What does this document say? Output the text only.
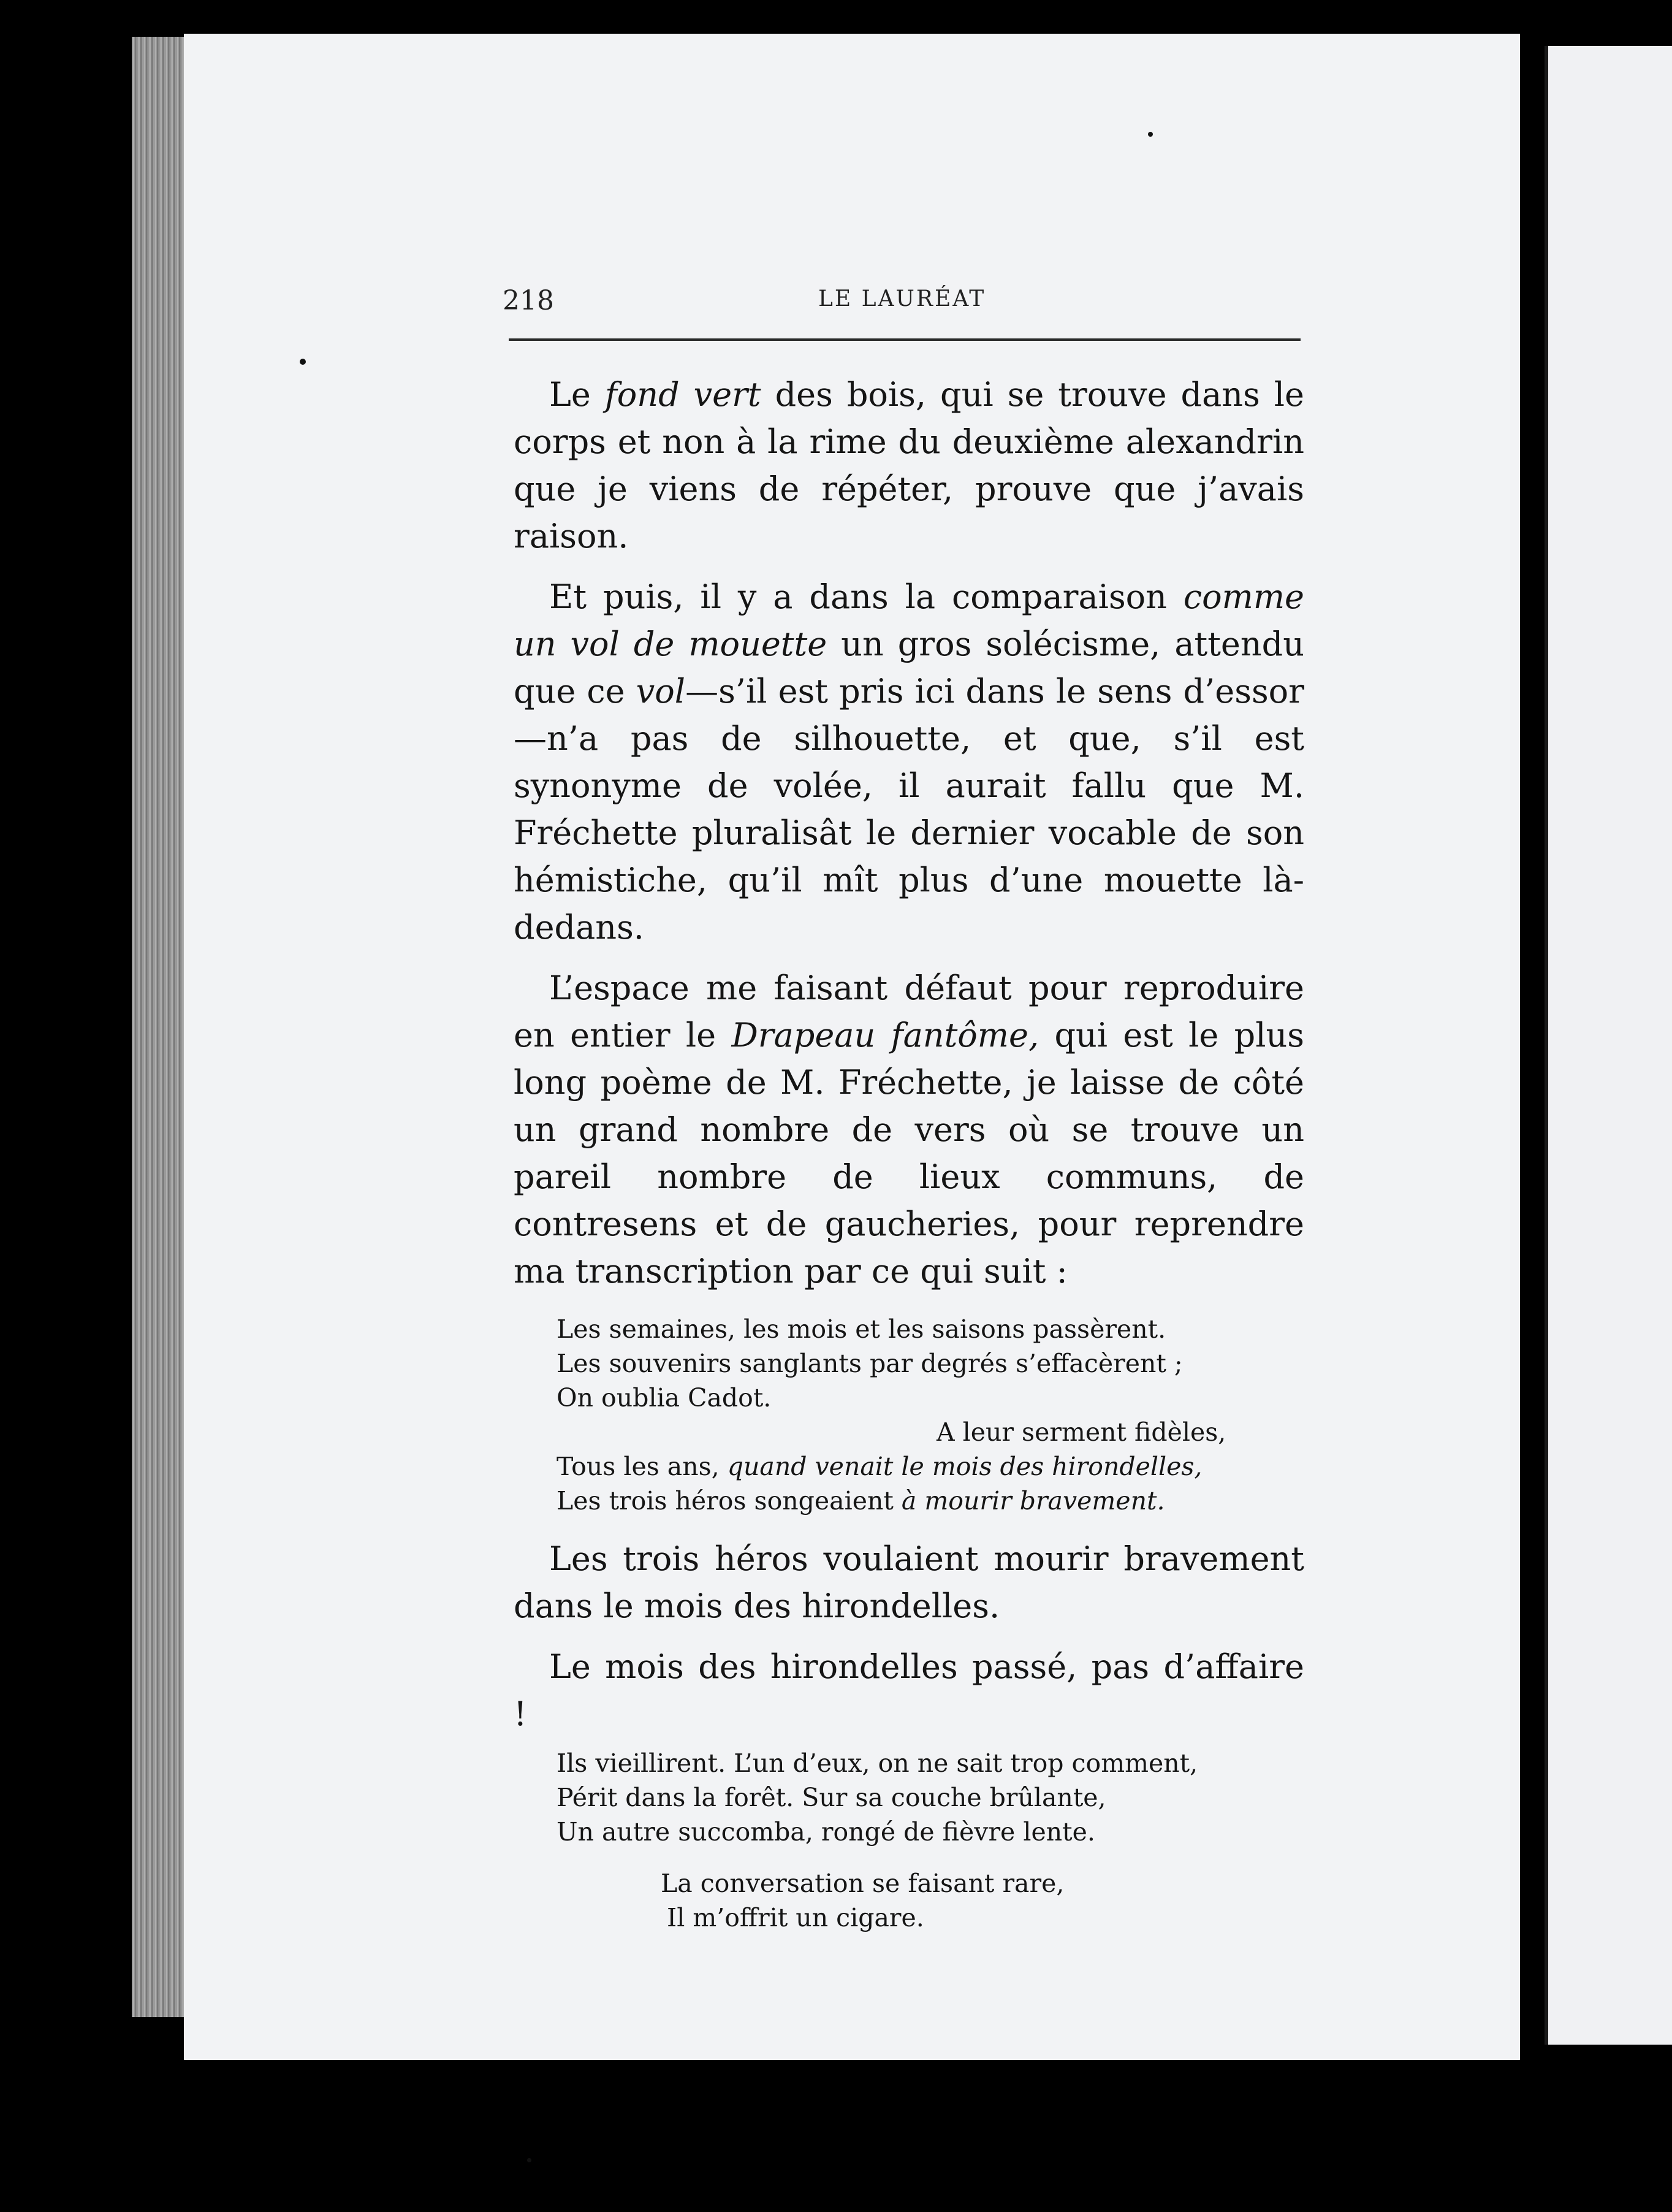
218	LE LAURÉAT

Le fond vert des bois, qui se trouve dans le corps et non à la rime du deuxième alexandrin que je viens de répéter, prouve que j’avais raison.

Et puis, il y a dans la comparaison comme un vol de mouette un gros solécisme, attendu que ce vol—s’il est pris ici dans le sens d’essor—n’a pas de silhouette, et que, s’il est synonyme de volée, il aurait fallu que M. Fréchette pluralisât le dernier vocable de son hémistiche, qu’il mît plus d’une mouette là-dedans.

L’espace me faisant défaut pour reproduire en entier le Drapeau fantôme, qui est le plus long poème de M. Fréchette, je laisse de côté un grand nombre de vers où se trouve un pareil nombre de lieux communs, de contresens et de gaucheries, pour reprendre ma transcription par ce qui suit :

Les semaines, les mois et les saisons passèrent.
Les souvenirs sanglants par degrés s’effacèrent ;
On oublia Cadot.
A leur serment fidèles,
Tous les ans, quand venait le mois des hirondelles,
Les trois héros songeaient à mourir bravement.

Les trois héros voulaient mourir bravement dans le mois des hirondelles.

Le mois des hirondelles passé, pas d’affaire !

Ils vieillirent. L’un d’eux, on ne sait trop comment,
Périt dans la forêt. Sur sa couche brûlante,
Un autre succomba, rongé de fièvre lente.
La conversation se faisant rare,
Il m’offrit un cigare.
